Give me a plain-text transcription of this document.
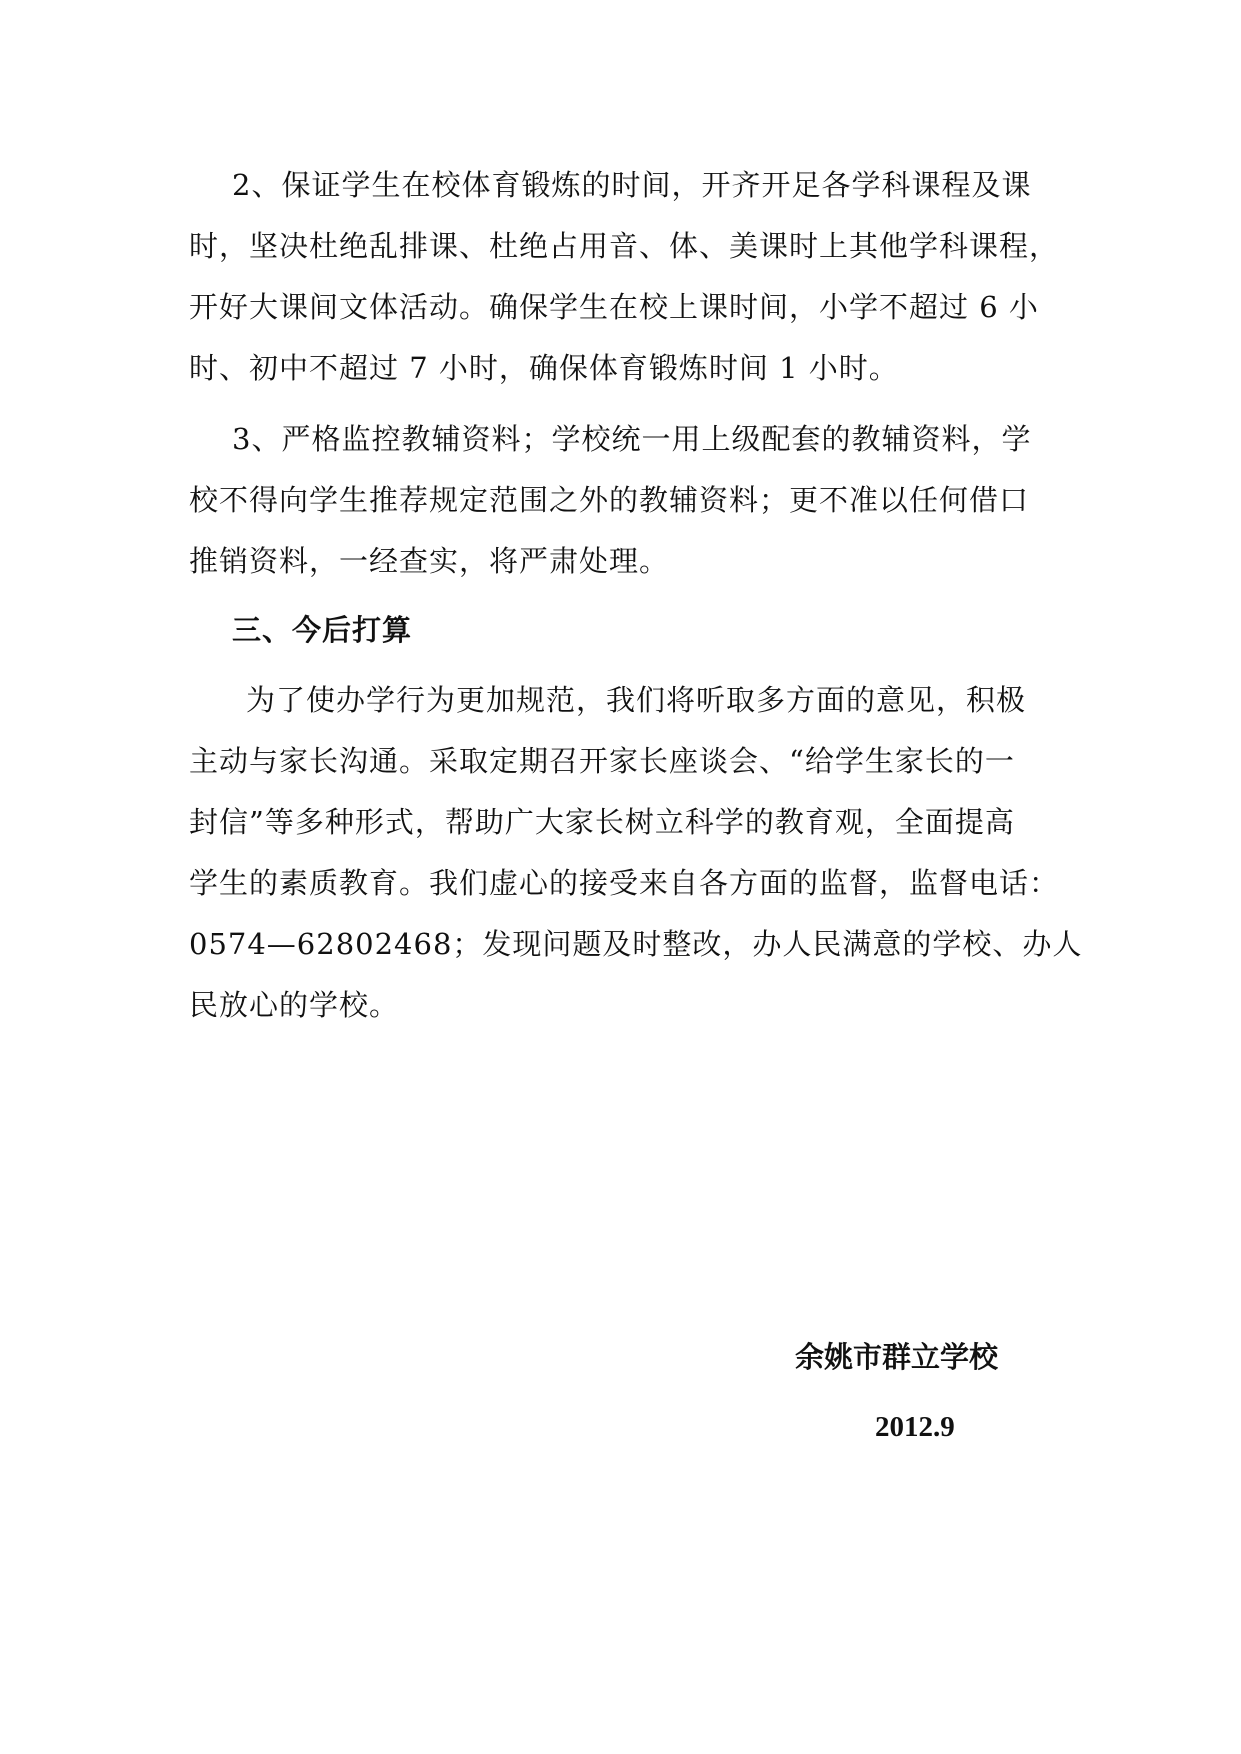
2、保证学生在校体育锻炼的时间，开齐开足各学科课程及课
时，坚决杜绝乱排课、杜绝占用音、体、美课时上其他学科课程，
开好大课间文体活动。确保学生在校上课时间，小学不超过 6 小
时、初中不超过 7 小时，确保体育锻炼时间 1 小时。
3、严格监控教辅资料；学校统一用上级配套的教辅资料，学
校不得向学生推荐规定范围之外的教辅资料；更不准以任何借口
推销资料，一经查实，将严肃处理。
三、今后打算
为了使办学行为更加规范，我们将听取多方面的意见，积极
主动与家长沟通。采取定期召开家长座谈会、“给学生家长的一
封信”等多种形式，帮助广大家长树立科学的教育观，全面提高
学生的素质教育。我们虚心的接受来自各方面的监督，监督电话：
0574—62802468；发现问题及时整改，办人民满意的学校、办人
民放心的学校。
余姚市群立学校
2012.9
